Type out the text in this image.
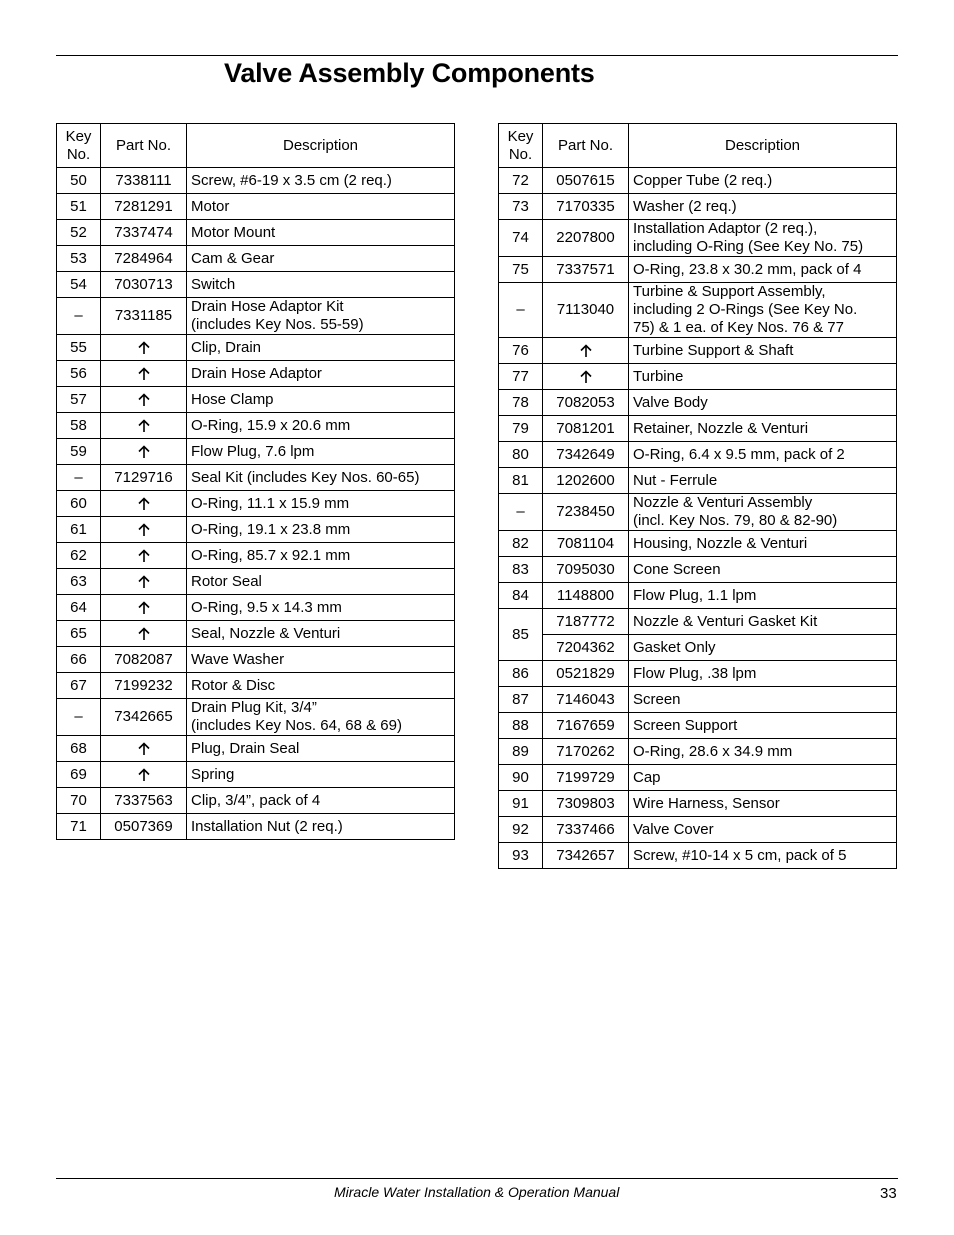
Valve Assembly Components
Key
No.	Part No.	Description
50	7338111	Screw, #6-19 x 3.5 cm (2 req.)
51	7281291	Motor
52	7337474	Motor Mount
53	7284964	Cam & Gear
54	7030713	Switch
–	7331185	Drain Hose Adaptor Kit
(includes Key Nos. 55-59)
55		Clip, Drain
56		Drain Hose Adaptor
57		Hose Clamp
58		O-Ring, 15.9 x 20.6 mm
59		Flow Plug, 7.6 lpm
–	7129716	Seal Kit (includes Key Nos. 60-65)
60		O-Ring, 11.1 x 15.9 mm
61		O-Ring, 19.1 x 23.8 mm
62		O-Ring, 85.7 x 92.1 mm
63		Rotor Seal
64		O-Ring, 9.5 x 14.3 mm
65		Seal, Nozzle & Venturi
66	7082087	Wave Washer
67	7199232	Rotor & Disc
–	7342665	Drain Plug Kit, 3/4”
(includes Key Nos. 64, 68 & 69)
68		Plug, Drain Seal
69		Spring
70	7337563	Clip, 3/4”, pack of 4
71	0507369	Installation Nut (2 req.)
Key
No.	Part No.	Description
72	0507615	Copper Tube (2 req.)
73	7170335	Washer (2 req.)
74	2207800	Installation Adaptor (2 req.),
including O-Ring (See Key No. 75)
75	7337571	O-Ring, 23.8 x 30.2 mm, pack of 4
–	7113040	Turbine & Support Assembly,
including 2 O-Rings (See Key No.
75) & 1 ea. of Key Nos. 76 & 77
76		Turbine Support & Shaft
77		Turbine
78	7082053	Valve Body
79	7081201	Retainer, Nozzle & Venturi
80	7342649	O-Ring, 6.4 x 9.5 mm, pack of 2
81	1202600	Nut - Ferrule
–	7238450	Nozzle & Venturi Assembly
(incl. Key Nos. 79, 80 & 82-90)
82	7081104	Housing, Nozzle & Venturi
83	7095030	Cone Screen
84	1148800	Flow Plug, 1.1 lpm
85	7187772	Nozzle & Venturi Gasket Kit
	7204362	Gasket Only
86	0521829	Flow Plug, .38 lpm
87	7146043	Screen
88	7167659	Screen Support
89	7170262	O-Ring, 28.6 x 34.9 mm
90	7199729	Cap
91	7309803	Wire Harness, Sensor
92	7337466	Valve Cover
93	7342657	Screw, #10-14 x 5 cm, pack of 5
Miracle Water Installation & Operation Manual	33
